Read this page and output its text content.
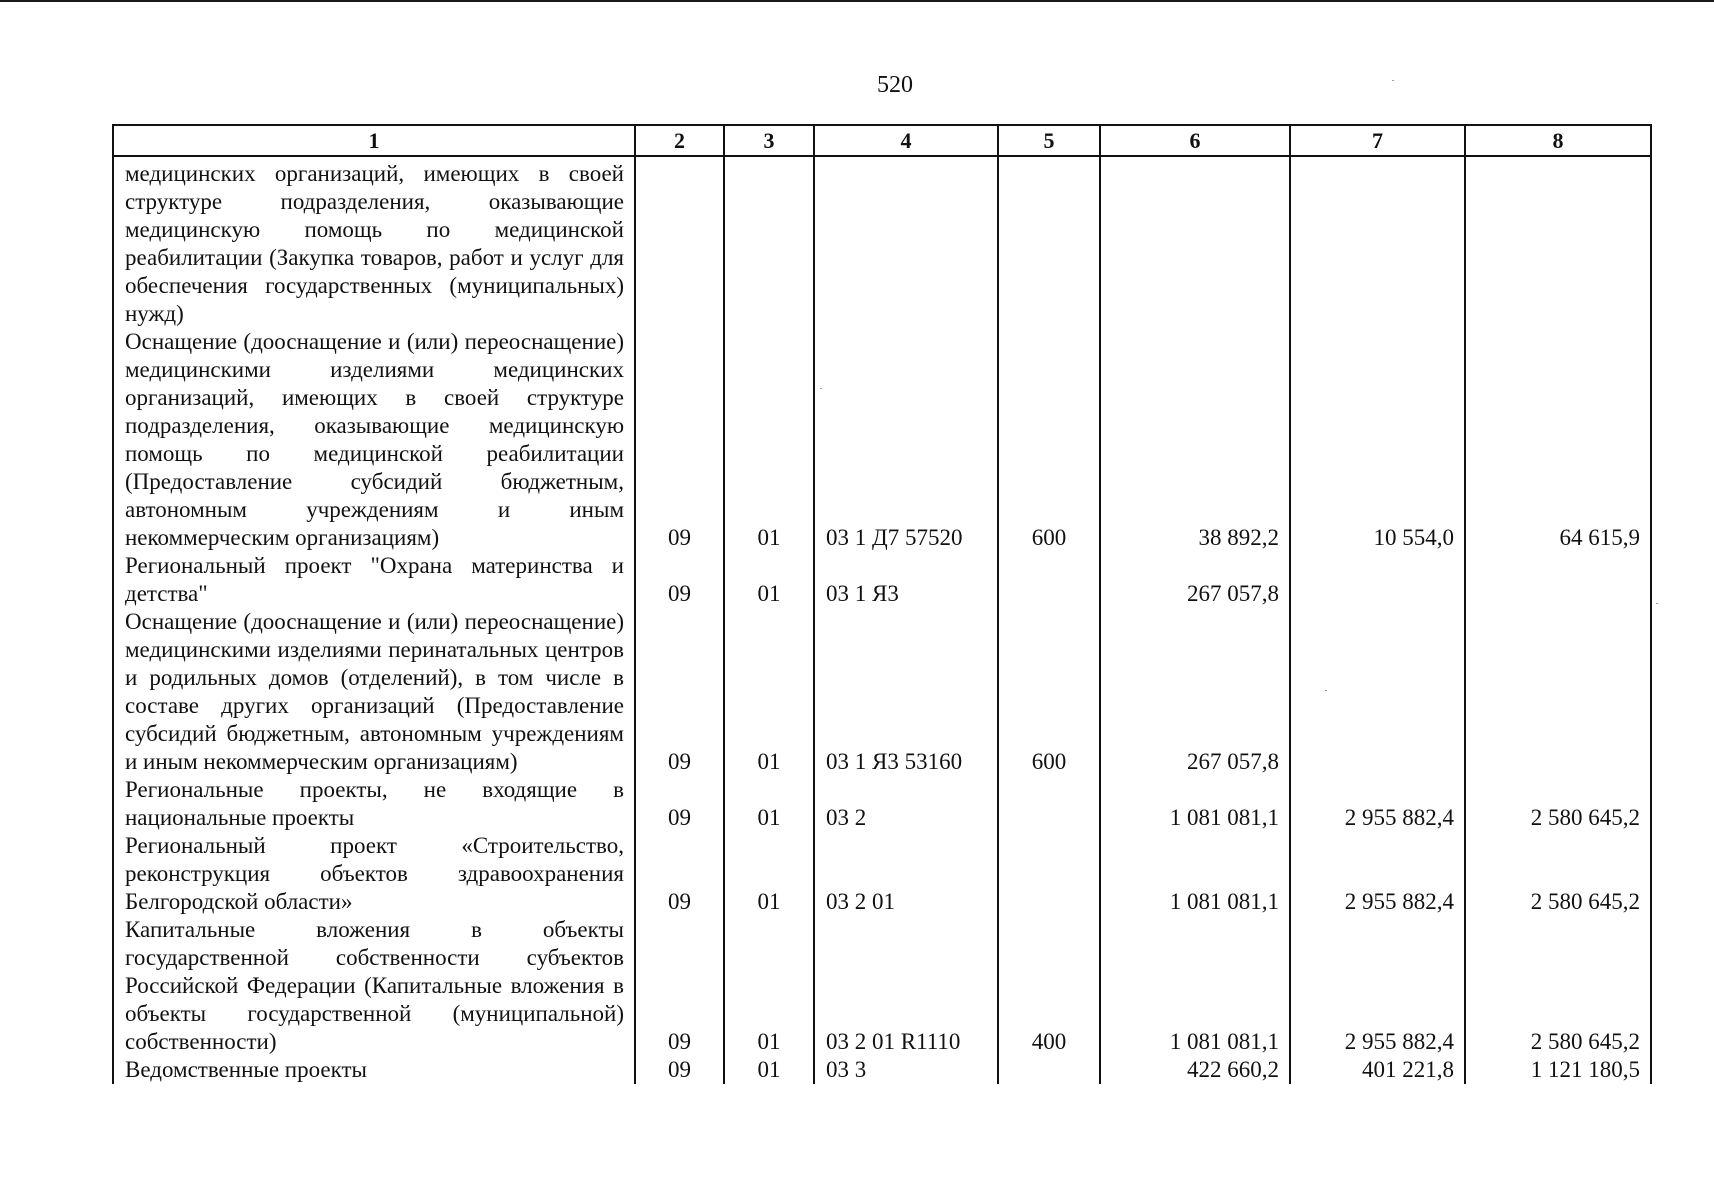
520
1	2	3	4	5	6	7	8
медицинских организаций, имеющих в своей структуре подразделения, оказывающие медицинскую помощь по медицинской реабилитации (Закупка товаров, работ и услуг для обеспечения государственных (муниципальных) нужд)							
Оснащение (дооснащение и (или) переоснащение) медицинскими изделиями медицинских организаций, имеющих в своей структуре подразделения, оказывающие медицинскую помощь по медицинской реабилитации (Предоставление субсидий бюджетным, автономным учреждениям и иным некоммерческим организациям)	09	01	03 1 Д7 57520	600	38 892,2	10 554,0	64 615,9
Региональный проект "Охрана материнства и детства"	09	01	03 1 Я3		267 057,8		
Оснащение (дооснащение и (или) переоснащение) медицинскими изделиями перинатальных центров и родильных домов (отделений), в том числе в составе других организаций (Предоставление субсидий бюджетным, автономным учреждениям и иным некоммерческим организациям)	09	01	03 1 Я3 53160	600	267 057,8		
Региональные проекты, не входящие в национальные проекты	09	01	03 2		1 081 081,1	2 955 882,4	2 580 645,2
Региональный проект «Строительство, реконструкция объектов здравоохранения Белгородской области»	09	01	03 2 01		1 081 081,1	2 955 882,4	2 580 645,2
Капитальные вложения в объекты государственной собственности субъектов Российской Федерации (Капитальные вложения в объекты государственной (муниципальной) собственности)	09	01	03 2 01 R1110	400	1 081 081,1	2 955 882,4	2 580 645,2
Ведомственные проекты	09	01	03 3		422 660,2	401 221,8	1 121 180,5
